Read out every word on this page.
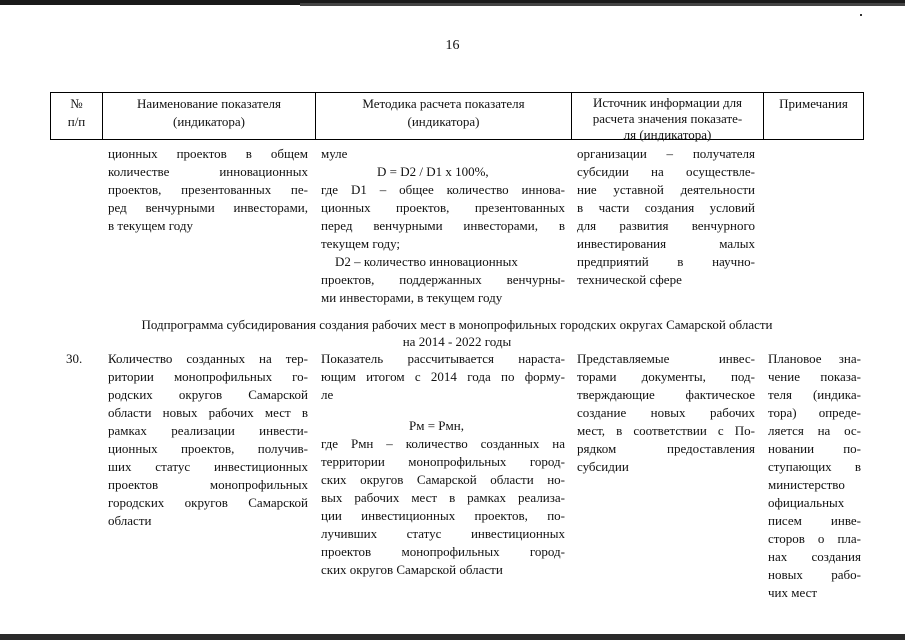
16
№
п/п
Наименование показателя
(индикатора)
Методика расчета показателя
(индикатора)
Источник информации для
расчета значения показате-
ля (индикатора)
Примечания
ционных проектов в общем
количестве инновационных
проектов, презентованных пе-
ред венчурными инвесторами,
в текущем году
муле
D = D2 / D1 х 100%,
где D1 – общее количество иннова-
ционных проектов, презентованных
перед венчурными инвесторами, в
текущем году;
D2 – количество инновационных
проектов, поддержанных венчурны-
ми инвесторами, в текущем году
организации – получателя
субсидии на осуществле-
ние уставной деятельности
в части создания условий
для развития венчурного
инвестирования малых
предприятий в научно-
технической сфере
Подпрограмма субсидирования создания рабочих мест в монопрофильных городских округах Самарской области
на 2014 - 2022 годы
30.	Количество созданных на тер-
ритории монопрофильных го-
родских округов Самарской
области новых рабочих мест в
рамках реализации инвести-
ционных проектов, получив-
ших статус инвестиционных
проектов монопрофильных
городских округов Самарской
области
Показатель рассчитывается нараста-
ющим итогом с 2014 года по форму-
ле
Рм = Рмн,
где Рмн – количество созданных на
территории монопрофильных город-
ских округов Самарской области но-
вых рабочих мест в рамках реализа-
ции инвестиционных проектов, по-
лучивших статус инвестиционных
проектов монопрофильных город-
ских округов Самарской области
Представляемые инвес-
торами документы, под-
тверждающие фактическое
создание новых рабочих
мест, в соответствии с По-
рядком предоставления
субсидии
Плановое зна-
чение показа-
теля (индика-
тора) опреде-
ляется на ос-
новании по-
ступающих в
министерство
официальных
писем инве-
сторов о пла-
нах создания
новых рабо-
чих мест
